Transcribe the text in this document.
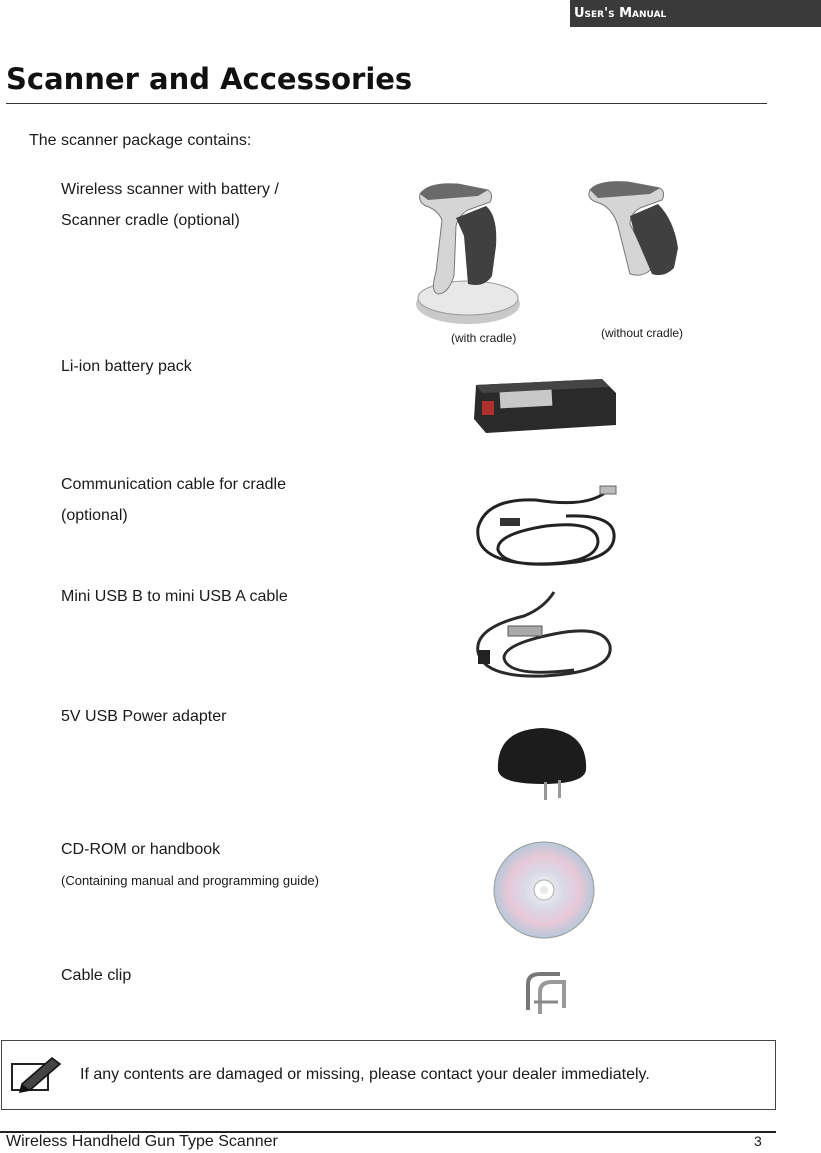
User's Manual
Scanner and Accessories
The scanner package contains:
Wireless scanner with battery /
Scanner cradle (optional)
Li-ion battery pack
Communication cable for cradle
(optional)
Mini USB B to mini USB A cable
5V USB Power adapter
CD-ROM or handbook
(Containing manual and programming guide)
Cable clip
(with cradle)	(without cradle)
If any contents are damaged or missing, please contact your dealer immediately.
Wireless Handheld Gun Type Scanner	3
